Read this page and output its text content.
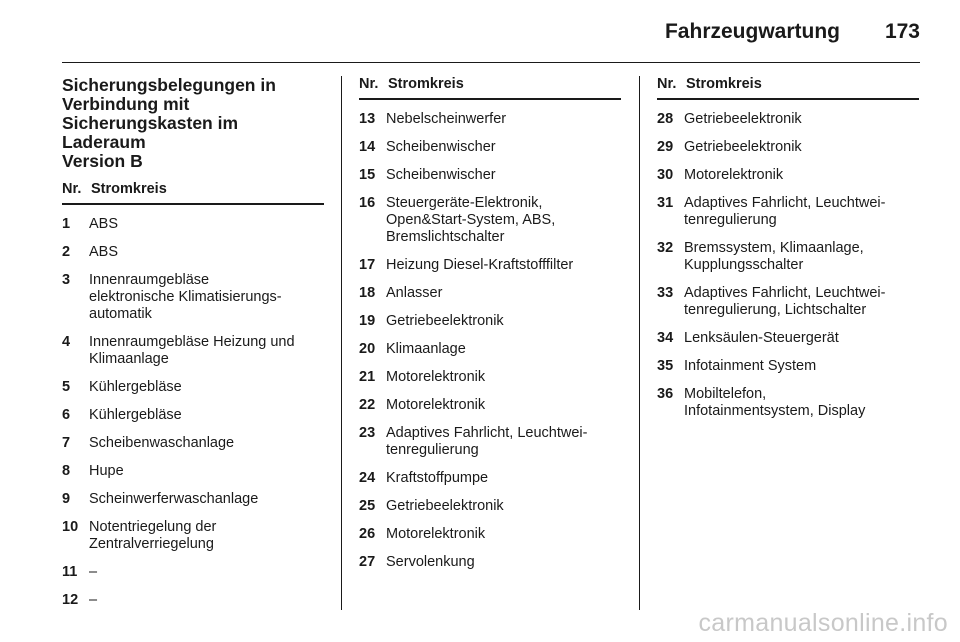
Fahrzeugwartung 173
Sicherungsbelegungen in
Verbindung mit
Sicherungskasten im Laderaum
Version B
Nr. Stromkreis
1	ABS
2	ABS
3	Innenraumgebläse
elektronische Klimatisierungs-
automatik
4	Innenraumgebläse Heizung und
Klimaanlage
5	Kühlergebläse
6	Kühlergebläse
7	Scheibenwaschanlage
8	Hupe
9	Scheinwerferwaschanlage
10 Notentriegelung der
Zentralverriegelung
11 –
12 –
Nr. Stromkreis
13 Nebelscheinwerfer
14 Scheibenwischer
15 Scheibenwischer
16 Steuergeräte-Elektronik,
Open&Start-System, ABS,
Bremslichtschalter
17 Heizung Diesel-Kraftstofffilter
18 Anlasser
19 Getriebeelektronik
20 Klimaanlage
21 Motorelektronik
22 Motorelektronik
23 Adaptives Fahrlicht, Leuchtwei-
tenregulierung
24 Kraftstoffpumpe
25 Getriebeelektronik
26 Motorelektronik
27 Servolenkung
Nr. Stromkreis
28 Getriebeelektronik
29 Getriebeelektronik
30 Motorelektronik
31 Adaptives Fahrlicht, Leuchtwei-
tenregulierung
32 Bremssystem, Klimaanlage,
Kupplungsschalter
33 Adaptives Fahrlicht, Leuchtwei-
tenregulierung, Lichtschalter
34 Lenksäulen-Steuergerät
35 Infotainment System
36 Mobiltelefon,
Infotainmentsystem, Display
carmanualsonline.info
